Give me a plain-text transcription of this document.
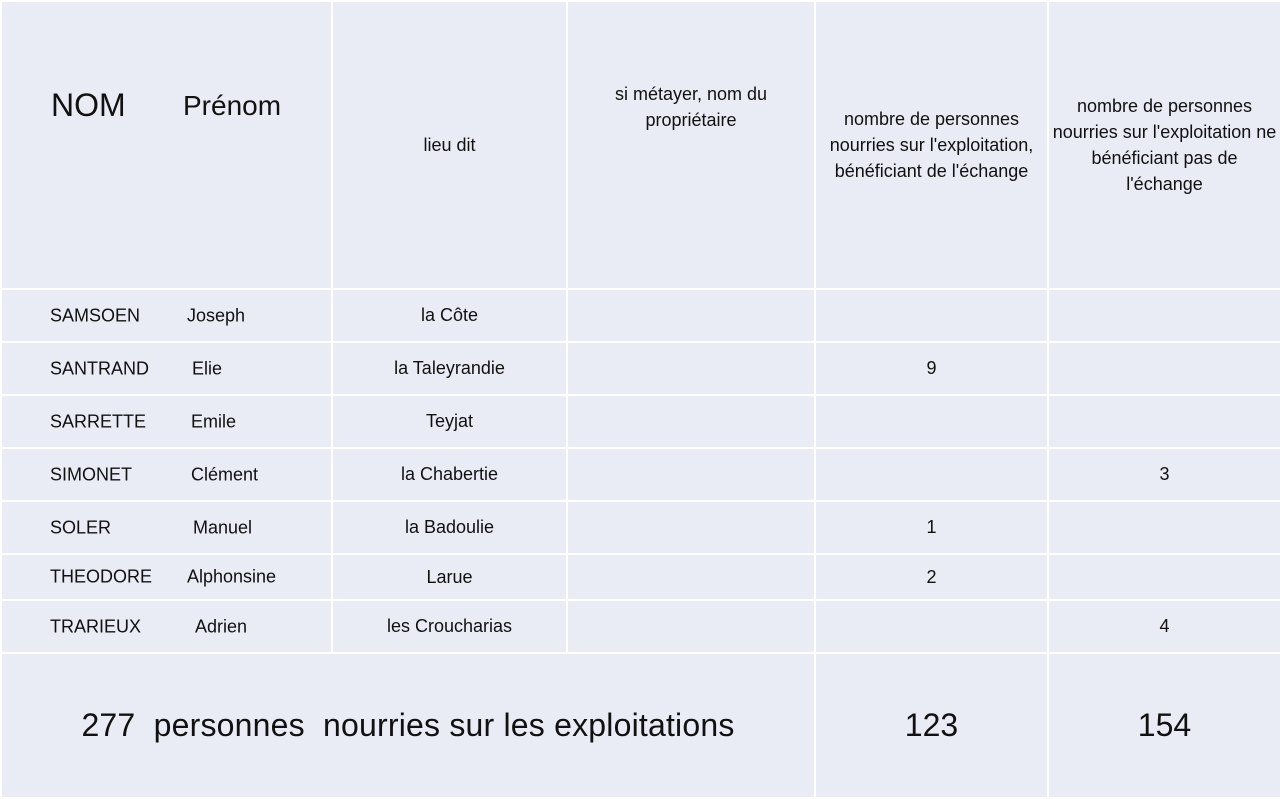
NOM Prénom	lieu dit	si métayer, nom du propriétaire	nombre de personnes nourries sur l'exploitation, bénéficiant de l'échange	nombre de personnes nourries sur l'exploitation ne bénéficiant pas de l'échange

SAMSOEN Joseph	la Côte			

SANTRAND Elie	la Taleyrandie		9	

SARRETTE Emile	Teyjat			

SIMONET Clément	la Chabertie			3

SOLER Manuel	la Badoulie		1	

THEODORE Alphonsine	Larue		2	

TRARIEUX Adrien	les Croucharias			4
277  personnes  nourries sur les exploitations			123	154
